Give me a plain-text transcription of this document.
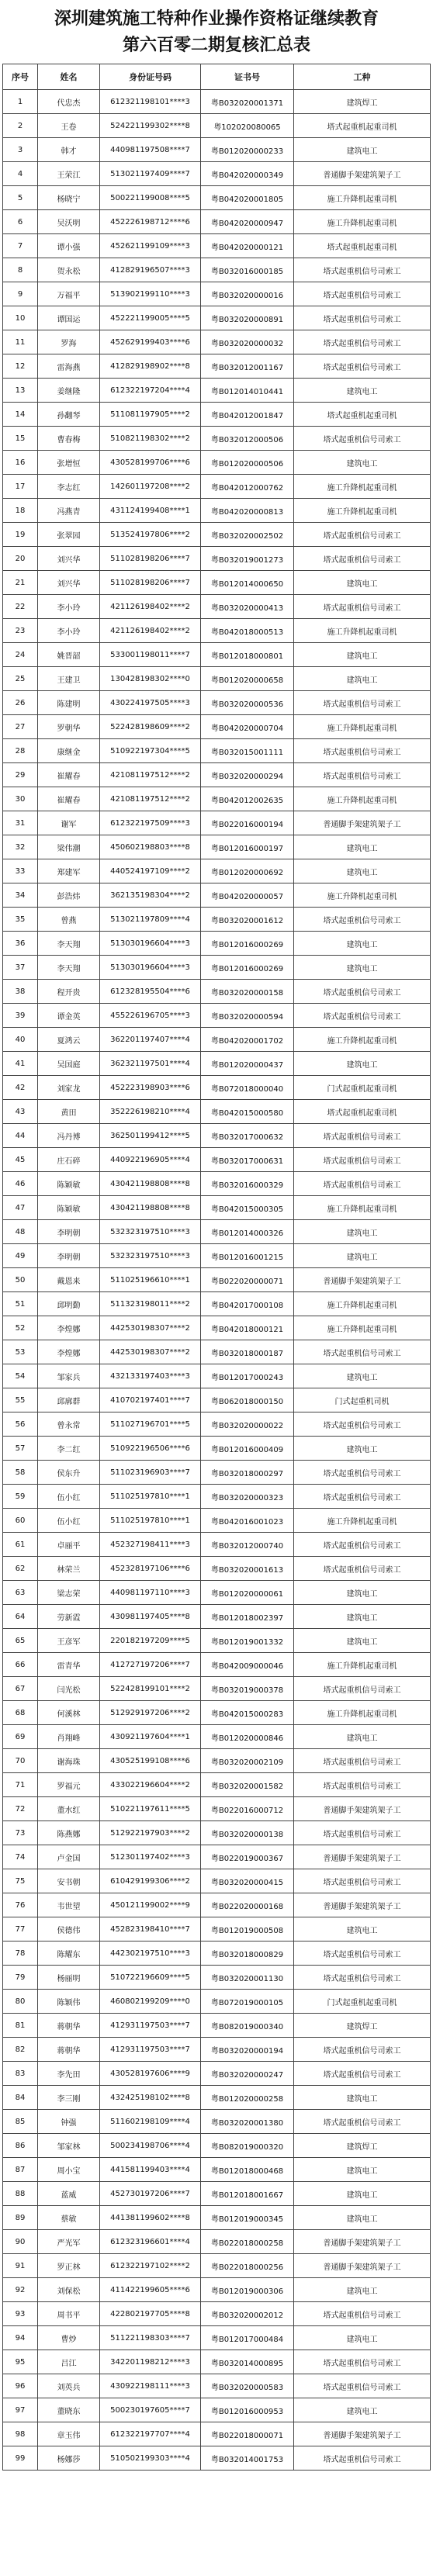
深圳建筑施工特种作业操作资格证继续教育
第六百零二期复核汇总表
序号	姓名	身份证号码	证书号	工种
1	代忠杰	612321198101****3	粤B032020001371	建筑焊工
2	王卷	524221199302****8	粤102020080065	塔式起重机起重司机
3	韩才	440981197508****7	粤B012020000233	建筑电工
4	王荣江	513021197409****7	粤B042020000349	普通脚手架建筑架子工
5	杨晓宁	500221199008****5	粤B042020001805	施工升降机起重司机
6	吴沃明	452226198712****6	粤B042020000947	施工升降机起重司机
7	谭小强	452621199109****3	粤B042020000121	塔式起重机起重司机
8	贺永松	412829196507****3	粤B032016000185	塔式起重机信号司索工
9	万福平	513902199110****3	粤B032020000016	塔式起重机信号司索工
10	谭国运	452221199005****5	粤B032020000891	塔式起重机信号司索工
11	罗海	452629199403****6	粤B032020000032	塔式起重机信号司索工
12	雷海燕	412829198902****8	粤B032012001167	塔式起重机信号司索工
13	姜继隆	612322197204****4	粤B012014010441	建筑电工
14	孙翻琴	511081197905****2	粤B042012001847	塔式起重机起重司机
15	曹春梅	510821198302****2	粤B032012000506	塔式起重机信号司索工
16	张增恒	430528199706****6	粤B012020000506	建筑电工
17	李志红	142601197208****2	粤B042012000762	施工升降机起重司机
18	冯燕青	431124199408****1	粤B042020000813	施工升降机起重司机
19	张翠园	513524197806****2	粤B032020002502	塔式起重机信号司索工
20	刘兴华	511028198206****7	粤B032019001273	塔式起重机信号司索工
21	刘兴华	511028198206****7	粤B012014000650	建筑电工
22	李小玲	421126198402****2	粤B032020000413	塔式起重机信号司索工
23	李小玲	421126198402****2	粤B042018000513	施工升降机起重司机
24	姚晋韶	533001198011****7	粤B012018000801	建筑电工
25	王建卫	130428198302****0	粤B012020000658	建筑电工
26	陈建明	430224197505****3	粤B032020000536	塔式起重机信号司索工
27	罗朝华	522428198609****2	粤B042020000704	施工升降机起重司机
28	康继金	510922197304****5	粤B032015001111	塔式起重机信号司索工
29	崔耀春	421081197512****2	粤B032020000294	塔式起重机信号司索工
30	崔耀春	421081197512****2	粤B042012002635	施工升降机起重司机
31	谢军	612322197509****3	粤B022016000194	普通脚手架建筑架子工
32	梁伟潮	450602198803****8	粤B012016000197	建筑电工
33	郑建军	440524197109****2	粤B012020000692	建筑电工
34	彭浩炜	362135198304****2	粤B042020000057	施工升降机起重司机
35	曾燕	513021197809****4	粤B032020001612	塔式起重机信号司索工
36	李天翔	513030196604****3	粤B012016000269	建筑电工
37	李天翔	513030196604****3	粤B012016000269	建筑电工
38	程开贵	612328195504****6	粤B032020000158	塔式起重机信号司索工
39	谭金英	455226196705****3	粤B032020000594	塔式起重机信号司索工
40	夏鸿云	362201197407****4	粤B042020001702	施工升降机起重司机
41	吴国庭	362321197501****4	粤B012020000437	建筑电工
42	刘家龙	452223198903****6	粤B072018000040	门式起重机起重司机
43	黄田	352226198210****4	粤B042015000580	塔式起重机起重司机
44	冯丹博	362501199412****5	粤B032017000632	塔式起重机信号司索工
45	庄石碎	440922196905****4	粤B032017000631	塔式起重机信号司索工
46	陈颖敏	430421198808****8	粤B032016000329	塔式起重机信号司索工
47	陈颖敏	430421198808****8	粤B042015000305	施工升降机起重司机
48	李明朝	532323197510****3	粤B012014000326	建筑电工
49	李明朝	532323197510****3	粤B012016001215	建筑电工
50	戴恩来	511025196610****1	粤B022020000071	普通脚手架建筑架子工
51	邱明勤	511323198011****2	粤B042017000108	施工升降机起重司机
52	李煌娜	442530198307****2	粤B042018000121	施工升降机起重司机
53	李煌娜	442530198307****2	粤B032018000187	塔式起重机信号司索工
54	邹家兵	432133197403****3	粤B012017000243	建筑电工
55	邱廓群	410702197401****7	粤B062018000150	门式起重机司机
56	曾永常	511027196701****5	粤B032020000022	塔式起重机信号司索工
57	李二红	510922196506****6	粤B012016000409	建筑电工
58	侯东升	511023196903****7	粤B032018000297	塔式起重机信号司索工
59	伍小红	511025197810****1	粤B032020000323	塔式起重机信号司索工
60	伍小红	511025197810****1	粤B042016001023	施工升降机起重司机
61	卓丽平	452327198411****3	粤B032012000740	塔式起重机信号司索工
62	林荣兰	452328197106****6	粤B032020001613	塔式起重机信号司索工
63	梁志荣	440981197110****3	粤B012020000061	建筑电工
64	劳新霞	430981197405****8	粤B012018002397	建筑电工
65	王彦军	220182197209****5	粤B012019001332	建筑电工
66	雷青华	412727197206****7	粤B042009000046	施工升降机起重司机
67	闫光松	522428199101****2	粤B032019000378	塔式起重机信号司索工
68	何溪林	512929197206****2	粤B042015000283	施工升降机起重司机
69	肖翔峰	430921197604****1	粤B012020000846	建筑电工
70	谢海珠	430525199108****6	粤B032020002109	塔式起重机信号司索工
71	罗福元	433022196604****2	粤B032020001582	塔式起重机信号司索工
72	董水红	510221197611****5	粤B022016000712	普通脚手架建筑架子工
73	陈燕娜	512922197903****2	粤B032020000138	塔式起重机信号司索工
74	卢金国	512301197402****3	粤B022019000367	普通脚手架建筑架子工
75	安书朝	610429199306****2	粤B032020000415	塔式起重机信号司索工
76	韦世望	450121199002****9	粤B022020000168	普通脚手架建筑架子工
77	侯德伟	452823198410****7	粤B012019000508	建筑电工
78	陈耀东	442302197510****3	粤B032018000829	塔式起重机信号司索工
79	杨丽明	510722196609****5	粤B032020001130	塔式起重机信号司索工
80	陈颖伟	460802199209****0	粤B072019000105	门式起重机起重司机
81	蒋朝华	412931197503****7	粤B082019000340	建筑焊工
82	蒋朝华	412931197503****7	粤B032020000194	塔式起重机信号司索工
83	李先田	430528197606****9	粤B032020000247	塔式起重机信号司索工
84	李三刚	432425198102****8	粤B012020000258	建筑电工
85	钟强	511602198109****4	粤B032020001380	塔式起重机信号司索工
86	邹家林	500234198706****4	粤B082019000320	建筑焊工
87	周小宝	441581199403****4	粤B012018000468	建筑电工
88	蓝威	452730197206****7	粤B012018001667	建筑电工
89	蔡敏	441381199602****8	粤B012019000345	建筑电工
90	严光军	612323196601****4	粤B022018000258	普通脚手架建筑架子工
91	罗正林	612322197102****2	粤B022018000256	普通脚手架建筑架子工
92	刘保松	411422199605****6	粤B012019000306	建筑电工
93	周书平	422802197705****8	粤B032020002012	塔式起重机信号司索工
94	曹炒	511221198303****7	粤B012017000484	建筑电工
95	吕江	342201198212****3	粤B032014000895	塔式起重机信号司索工
96	刘英兵	430922198111****3	粤B032020000583	塔式起重机信号司索工
97	董晓东	500230197605****7	粤B012016000953	建筑电工
98	章玉伟	612322197707****4	粤B022018000071	普通脚手架建筑架子工
99	杨娜莎	510502199303****4	粤B032014001753	塔式起重机信号司索工
